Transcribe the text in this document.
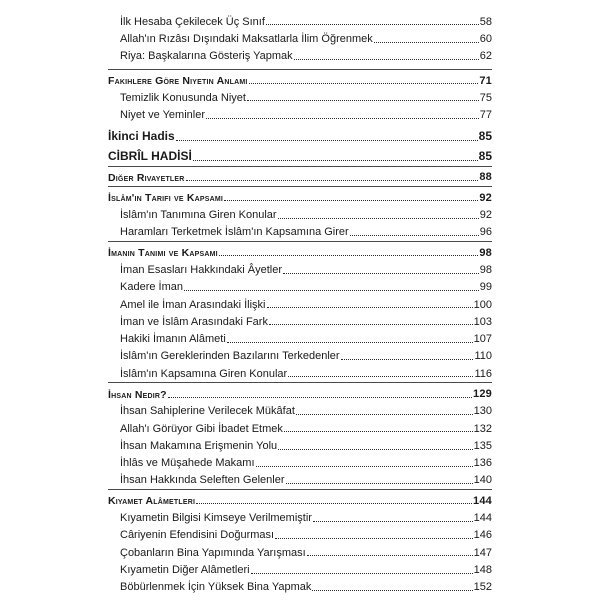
İlk Hesaba Çekilecek Üç Sınıf	58
Allah'ın Rızâsı Dışındaki Maksatlarla İlim Öğrenmek	60
Riya: Başkalarına Gösteriş Yapmak	62
Fakihlere Göre Niyetin Anlamı	71
Temizlik Konusunda Niyet	75
Niyet ve Yeminler	77
İkinci Hadis	85
CİBRÎL HADİSİ	85
Diğer Rivayetler	88
İslâm'ın Tarifi ve Kapsamı	92
İslâm'ın Tanımına Giren Konular	92
Haramları Terketmek İslâm'ın Kapsamına Girer	96
İmanın Tanımı ve Kapsamı	98
İman Esasları Hakkındaki Âyetler	98
Kadere İman	99
Amel ile İman Arasındaki İlişki	100
İman ve İslâm Arasındaki Fark	103
Hakiki İmanın Alâmeti	107
İslâm'ın Gereklerinden Bazılarını Terkedenler	110
İslâm'ın Kapsamına Giren Konular	116
İhsan Nedir?	129
İhsan Sahiplerine Verilecek Mükâfat	130
Allah'ı Görüyor Gibi İbadet Etmek	132
İhsan Makamına Erişmenin Yolu	135
İhlâs ve Müşahede Makamı	136
İhsan Hakkında Seleften Gelenler	140
Kıyamet Alâmetleri	144
Kıyametin Bilgisi Kimseye Verilmemiştir	144
Câriyenin Efendisini Doğurması	146
Çobanların Bina Yapımında Yarışması	147
Kıyametin Diğer Alâmetleri	148
Böbürlenmek İçin Yüksek Bina Yapmak	152
